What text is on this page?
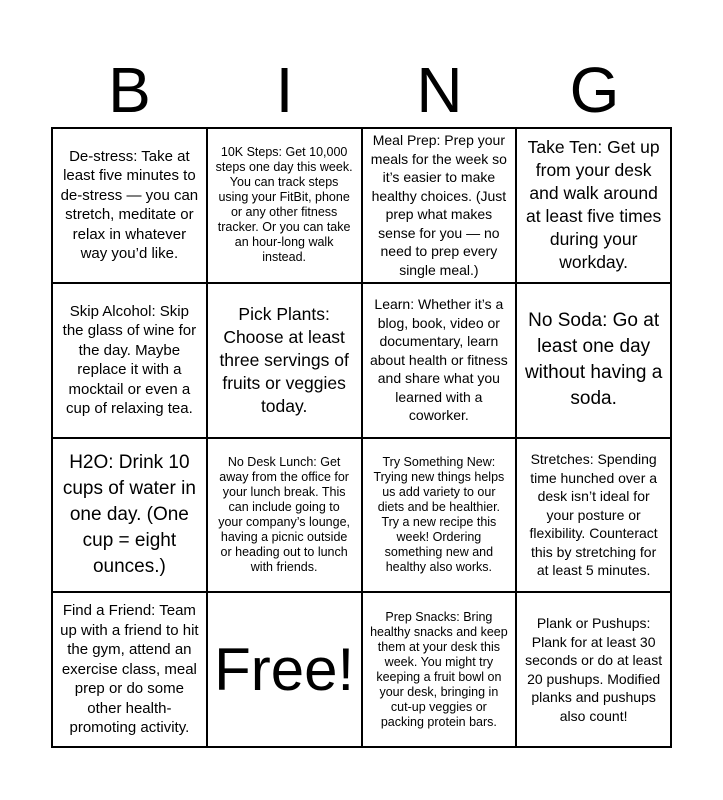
B	I	N	G
De-stress: Take at least five minutes to de-stress — you can stretch, meditate or relax in whatever way you’d like.
10K Steps: Get 10,000 steps one day this week. You can track steps using your FitBit, phone or any other fitness tracker. Or you can take an hour-long walk instead.
Meal Prep: Prep your meals for the week so it’s easier to make healthy choices. (Just prep what makes sense for you — no need to prep every single meal.)
Take Ten: Get up from your desk and walk around at least five times during your workday.
Skip Alcohol: Skip the glass of wine for the day. Maybe replace it with a mocktail or even a cup of relaxing tea.
Pick Plants: Choose at least three servings of fruits or veggies today.
Learn: Whether it’s a blog, book, video or documentary, learn about health or fitness and share what you learned with a coworker.
No Soda: Go at least one day without having a soda.
H2O: Drink 10 cups of water in one day. (One cup = eight ounces.)
No Desk Lunch: Get away from the office for your lunch break. This can include going to your company’s lounge, having a picnic outside or heading out to lunch with friends.
Try Something New: Trying new things helps us add variety to our diets and be healthier. Try a new recipe this week! Ordering something new and healthy also works.
Stretches: Spending time hunched over a desk isn’t ideal for your posture or flexibility. Counteract this by stretching for at least 5 minutes.
Find a Friend: Team up with a friend to hit the gym, attend an exercise class, meal prep or do some other health-promoting activity.
Free!
Prep Snacks: Bring healthy snacks and keep them at your desk this week. You might try keeping a fruit bowl on your desk, bringing in cut-up veggies or packing protein bars.
Plank or Pushups: Plank for at least 30 seconds or do at least 20 pushups. Modified planks and pushups also count!
